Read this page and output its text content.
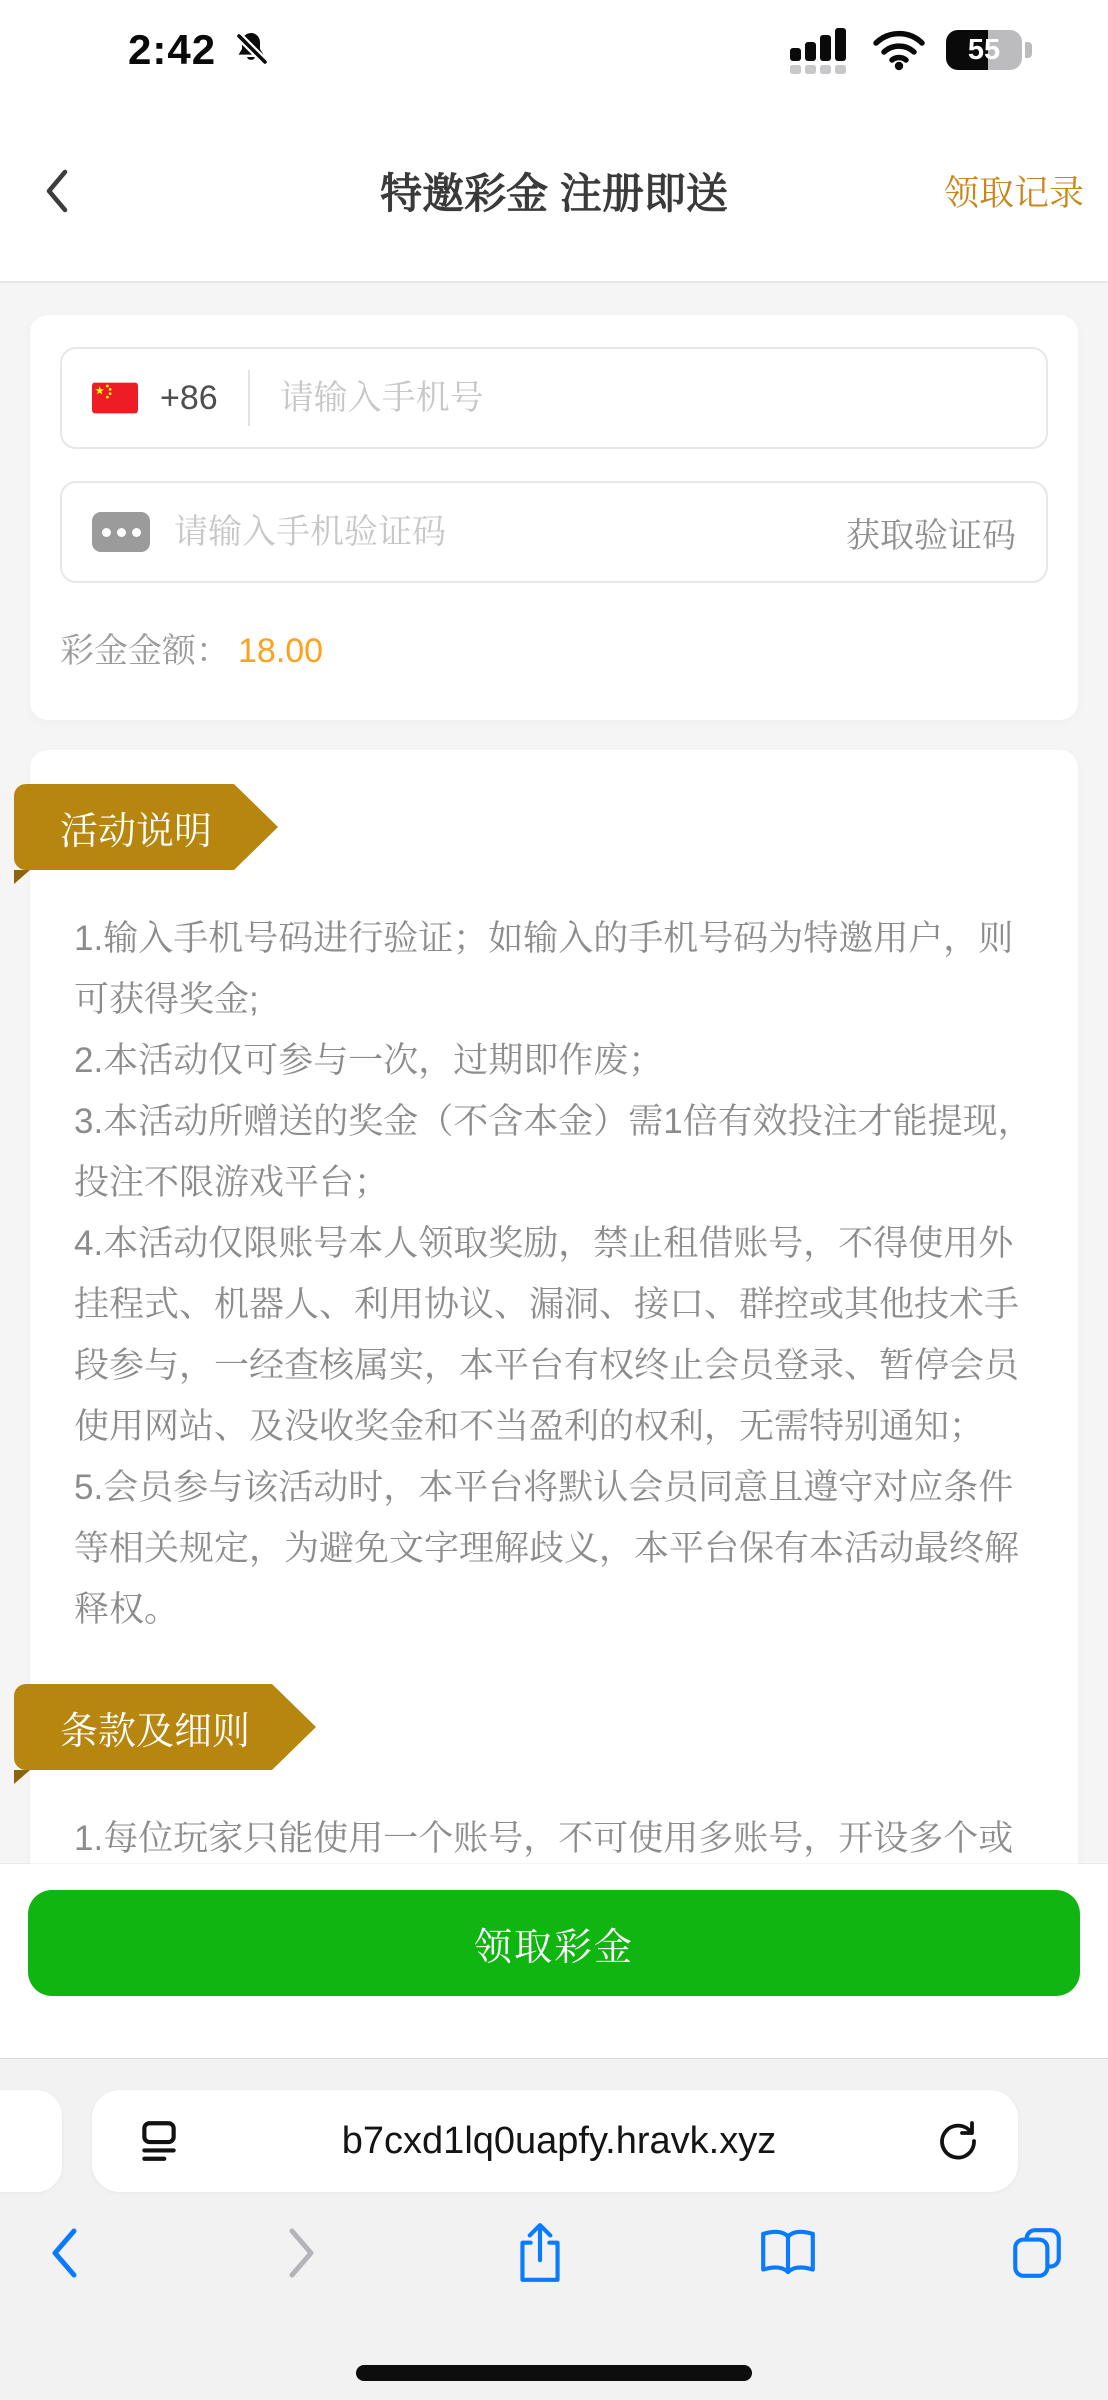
2:42	55
特邀彩金 注册即送	领取记录
+86
请输入手机号
请输入手机验证码
获取验证码
彩金金额： 18.00
活动说明

1.输入手机号码进行验证；如输入的手机号码为特邀用户，则可获得奖金;

2.本活动仅可参与一次，过期即作废；

3.本活动所赠送的奖金（不含本金）需1倍有效投注才能提现，投注不限游戏平台；

4.本活动仅限账号本人领取奖励，禁止租借账号，不得使用外挂程式、机器人、利用协议、漏洞、接口、群控或其他技术手段参与，一经查核属实，本平台有权终止会员登录、暂停会员使用网站、及没收奖金和不当盈利的权利，无需特别通知；

5.会员参与该活动时，本平台将默认会员同意且遵守对应条件等相关规定，为避免文字理解歧义，本平台保有本活动最终解释权。

条款及细则

1.每位玩家只能使用一个账号，不可使用多账号，开设多个或

领取彩金
b7cxd1lq0uapfy.hravk.xyz
